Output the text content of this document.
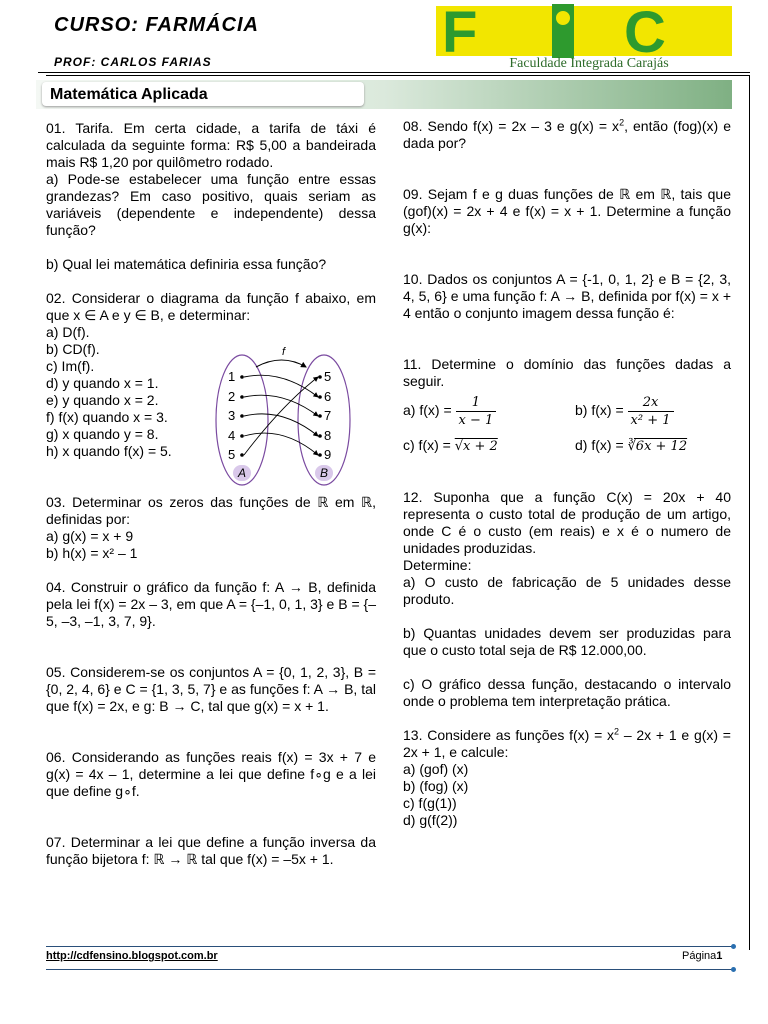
CURSO: FARMÁCIA
PROF: CARLOS FARIAS	F	C
Faculdade Integrada Carajás
Matemática Aplicada

01. Tarifa. Em certa cidade, a tarifa de táxi é calculada da seguinte forma: R$ 5,00 a bandeirada mais R$ 1,20 por quilômetro rodado.

a) Pode-se estabelecer uma função entre essas grandezas? Em caso positivo, quais seriam as variáveis (dependente e independente) dessa função?

b) Qual lei matemática definiria essa função?

02. Considerar o diagrama da função f abaixo, em que x ∈ A e y ∈ B, e determinar:

a) D(f).
b) CD(f).
c) Im(f).
d) y quando x = 1.
e) y quando x = 2.
f) f(x) quando x = 3.
g) x quando y = 8.
h) x quando f(x) = 5.

03. Determinar os zeros das funções de ℝ em ℝ, definidas por:

a) g(x) = x + 9

b) h(x) = x² – 1

04. Construir o gráfico da função f: A → B, definida pela lei f(x) = 2x – 3, em que A = {–1, 0, 1, 3} e B = {–5, –3, –1, 3, 7, 9}.

05. Considerem-se os conjuntos A = {0, 1, 2, 3}, B = {0, 2, 4, 6} e C = {1, 3, 5, 7} e as funções f: A → B, tal que f(x) = 2x, e g: B → C, tal que g(x) = x + 1.

06. Considerando as funções reais f(x) = 3x + 7 e g(x) = 4x – 1, determine a lei que define f∘g e a lei que define g∘f.

07. Determinar a lei que define a função inversa da função bijetora f: ℝ → ℝ tal que f(x) = –5x + 1.

f
1
2
3
4
5
5
6
7
8
9
A	B

08. Sendo f(x) = 2x – 3 e $g(x) = x^2$, então (fog)(x) e dada por?

09. Sejam f e g duas funções de ℝ em ℝ, tais que (gof)(x) = 2x + 4 e f(x) = x + 1. Determine a função g(x):

10. Dados os conjuntos A = {-1, 0, 1, 2} e B = {2, 3, 4, 5, 6} e uma função f: A → B, definida por f(x) = x + 4 então o conjunto imagem dessa função é:

11. Determine o domínio das funções dadas a seguir.

a) $f(x) = \frac{1}{x - 1}$	b) $f(x) = \frac{2x}{\text{x² + 1}}$
c) f(x) = √x + 2	d) f(x) = ∛6x + 12

12. Suponha que a função C(x) = 20x + 40 representa o custo total de produção de um artigo, onde C é o custo (em reais) e x é o numero de unidades produzidas.

Determine:

a) O custo de fabricação de 5 unidades desse produto.

b) Quantas unidades devem ser produzidas para que o custo total seja de R$ 12.000,00.

c) O gráfico dessa função, destacando o intervalo onde o problema tem interpretação prática.

13. Considere as funções $f(x) = x^2 - 2x + 1$ e g(x) = 2x + 1, e calcule:

a) (gof) (x)
b) (fog) (x)
c) f(g(1))
d) g(f(2))
http://cdfensino.blogspot.com.br	Página1
